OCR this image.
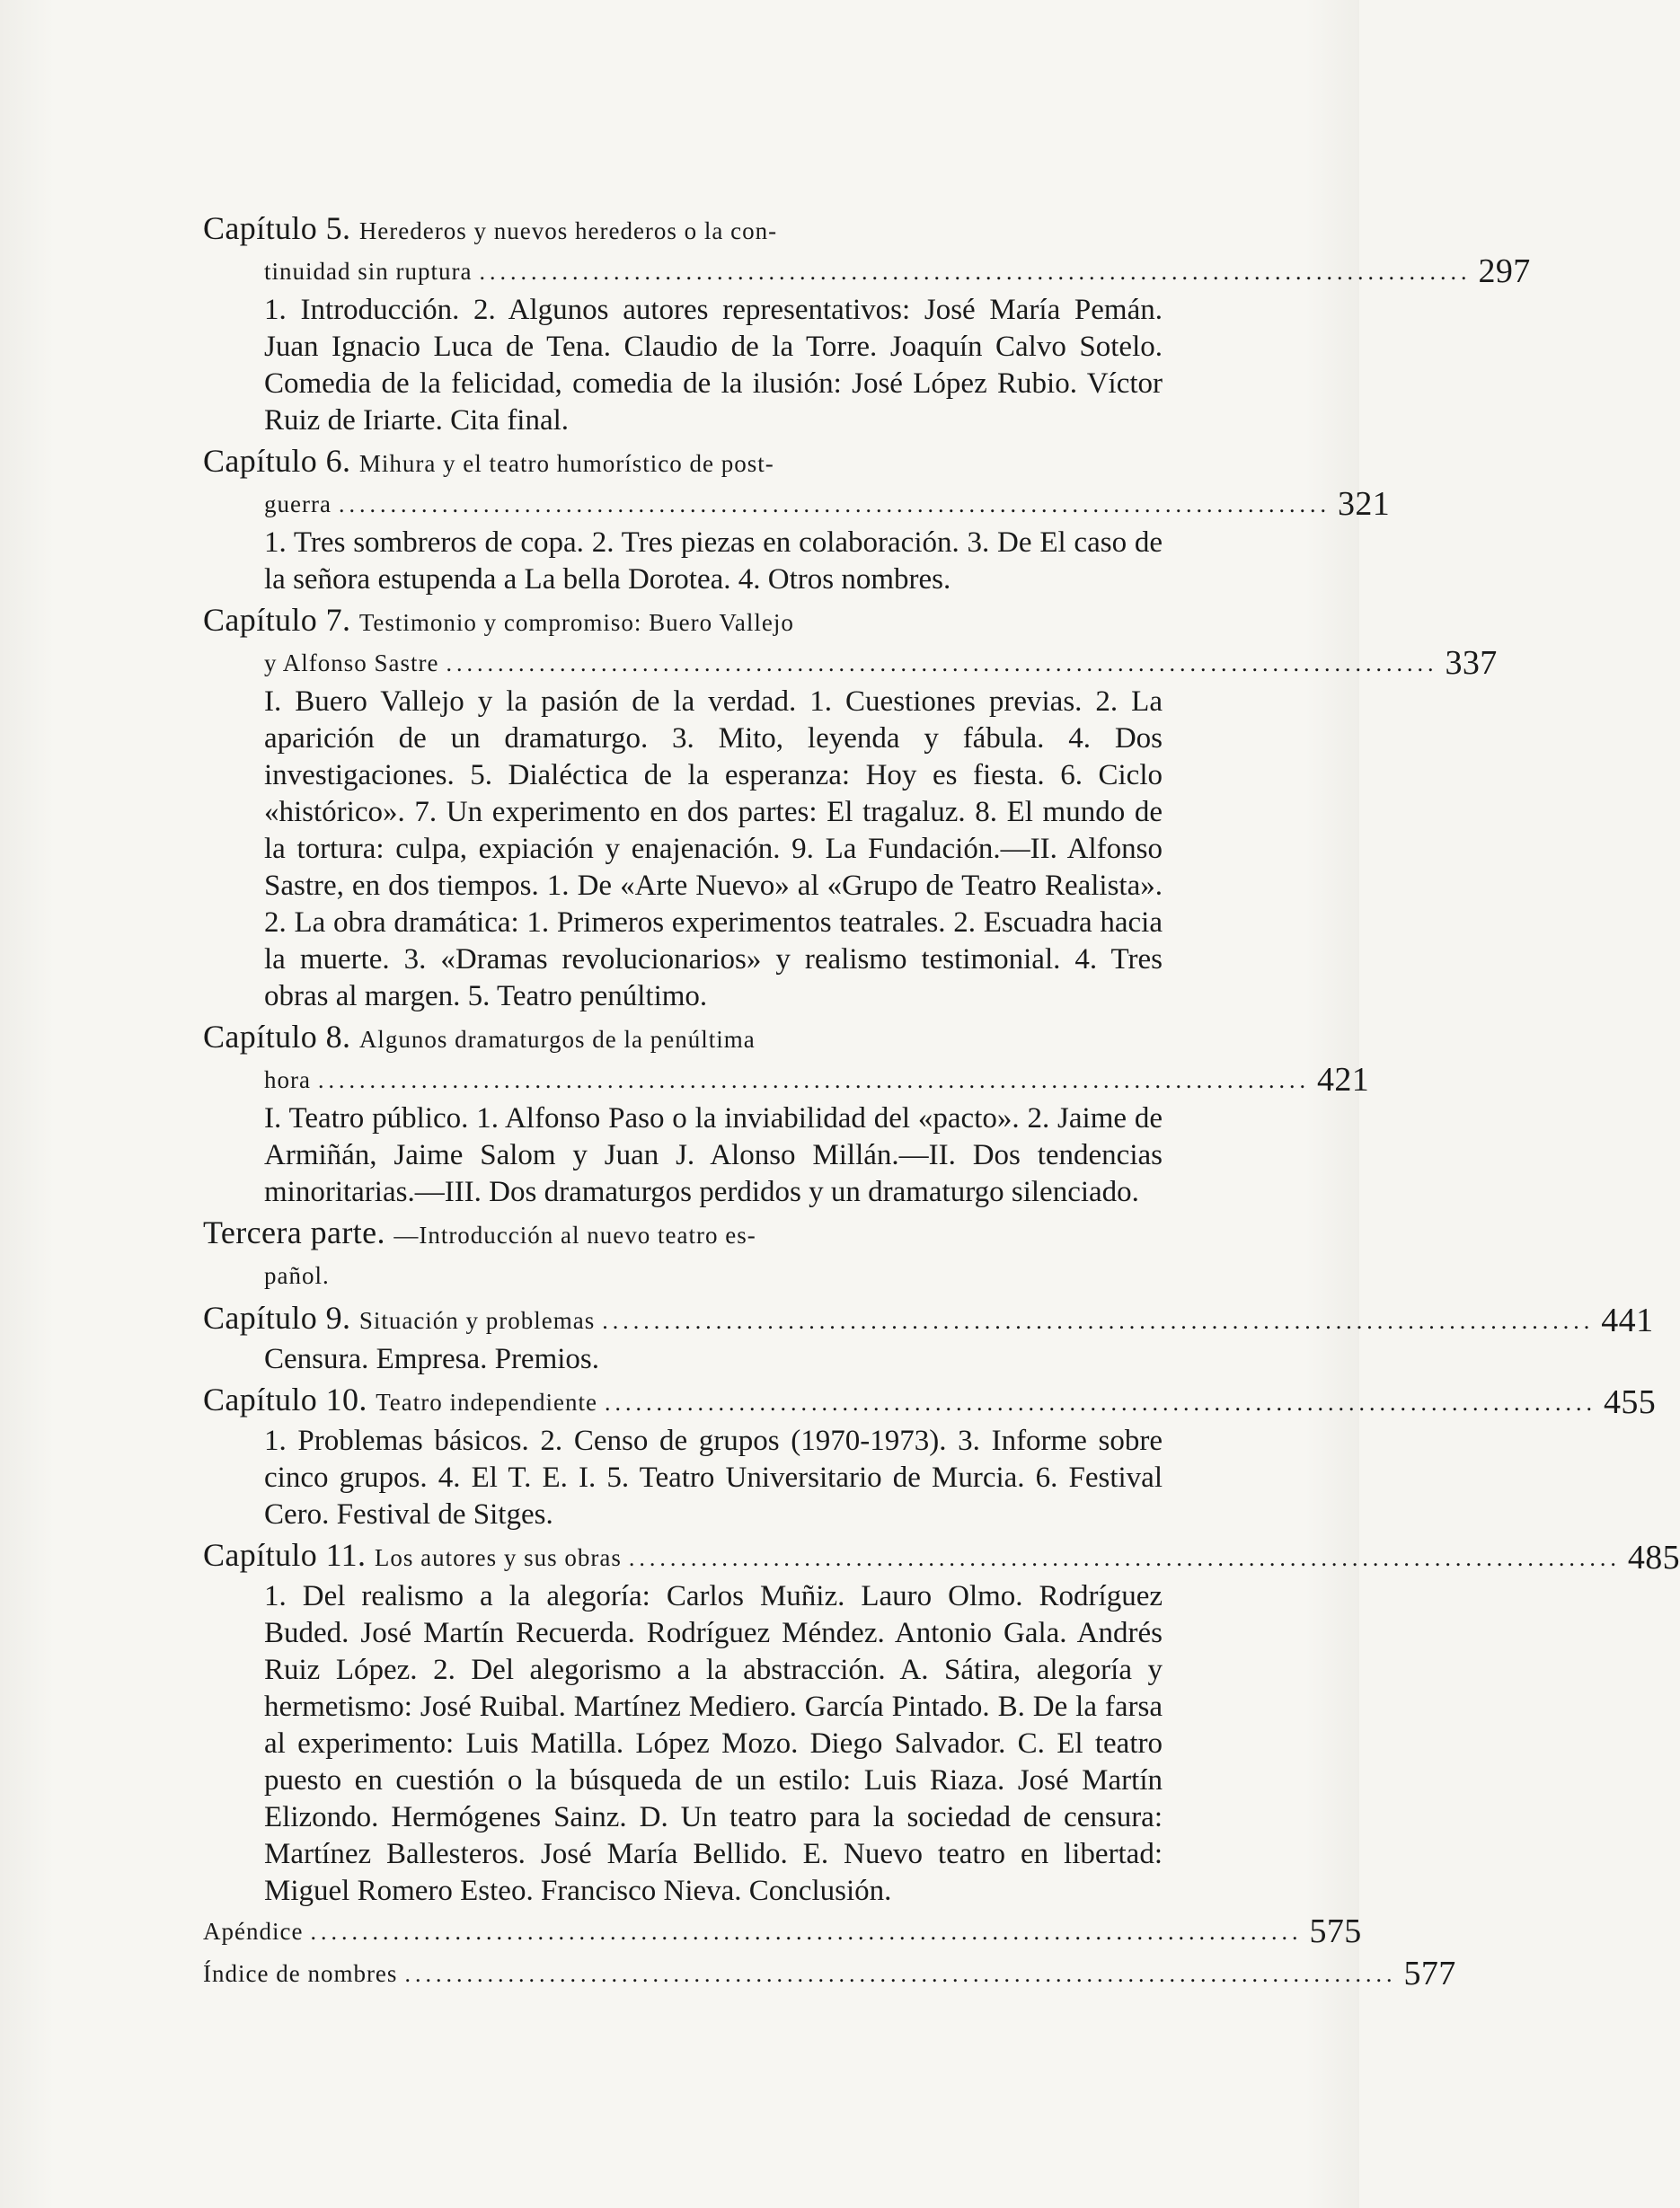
Capítulo 5. Herederos y nuevos herederos o la con-
tinuidad sin ruptura ................................................................................................ 297
1. Introducción. 2. Algunos autores representativos: José María Pemán. Juan Ignacio Luca de Tena. Claudio de la Torre. Joaquín Calvo Sotelo. Comedia de la felicidad, comedia de la ilusión: José López Rubio. Víctor Ruiz de Iriarte. Cita final.
Capítulo 6. Mihura y el teatro humorístico de post-
guerra ................................................................................................ 321
1. Tres sombreros de copa. 2. Tres piezas en colaboración. 3. De El caso de la señora estupenda a La bella Dorotea. 4. Otros nombres.
Capítulo 7. Testimonio y compromiso: Buero Vallejo
y Alfonso Sastre ................................................................................................ 337
I. Buero Vallejo y la pasión de la verdad. 1. Cuestiones previas. 2. La aparición de un dramaturgo. 3. Mito, leyenda y fábula. 4. Dos investigaciones. 5. Dialéctica de la esperanza: Hoy es fiesta. 6. Ciclo «histórico». 7. Un experimento en dos partes: El tragaluz. 8. El mundo de la tortura: culpa, expiación y enajenación. 9. La Fundación.—II. Alfonso Sastre, en dos tiempos. 1. De «Arte Nuevo» al «Grupo de Teatro Realista». 2. La obra dramática: 1. Primeros experimentos teatrales. 2. Escuadra hacia la muerte. 3. «Dramas revolucionarios» y realismo testimonial. 4. Tres obras al margen. 5. Teatro penúltimo.
Capítulo 8. Algunos dramaturgos de la penúltima
hora ................................................................................................ 421
I. Teatro público. 1. Alfonso Paso o la inviabilidad del «pacto». 2. Jaime de Armiñán, Jaime Salom y Juan J. Alonso Millán.—II. Dos tendencias minoritarias.—III. Dos dramaturgos perdidos y un dramaturgo silenciado.
Tercera parte. —Introducción al nuevo teatro es-
pañol.
Capítulo 9. Situación y problemas ................................................................................................ 441
Censura. Empresa. Premios.
Capítulo 10. Teatro independiente ................................................................................................ 455
1. Problemas básicos. 2. Censo de grupos (1970-1973). 3. Informe sobre cinco grupos. 4. El T. E. I. 5. Teatro Universitario de Murcia. 6. Festival Cero. Festival de Sitges.
Capítulo 11. Los autores y sus obras ................................................................................................ 485
1. Del realismo a la alegoría: Carlos Muñiz. Lauro Olmo. Rodríguez Buded. José Martín Recuerda. Rodríguez Méndez. Antonio Gala. Andrés Ruiz López. 2. Del alegorismo a la abstracción. A. Sátira, alegoría y hermetismo: José Ruibal. Martínez Mediero. García Pintado. B. De la farsa al experimento: Luis Matilla. López Mozo. Diego Salvador. C. El teatro puesto en cuestión o la búsqueda de un estilo: Luis Riaza. José Martín Elizondo. Hermógenes Sainz. D. Un teatro para la sociedad de censura: Martínez Ballesteros. José María Bellido. E. Nuevo teatro en libertad: Miguel Romero Esteo. Francisco Nieva. Conclusión.
Apéndice ................................................................................................ 575
Índice de nombres ................................................................................................ 577
